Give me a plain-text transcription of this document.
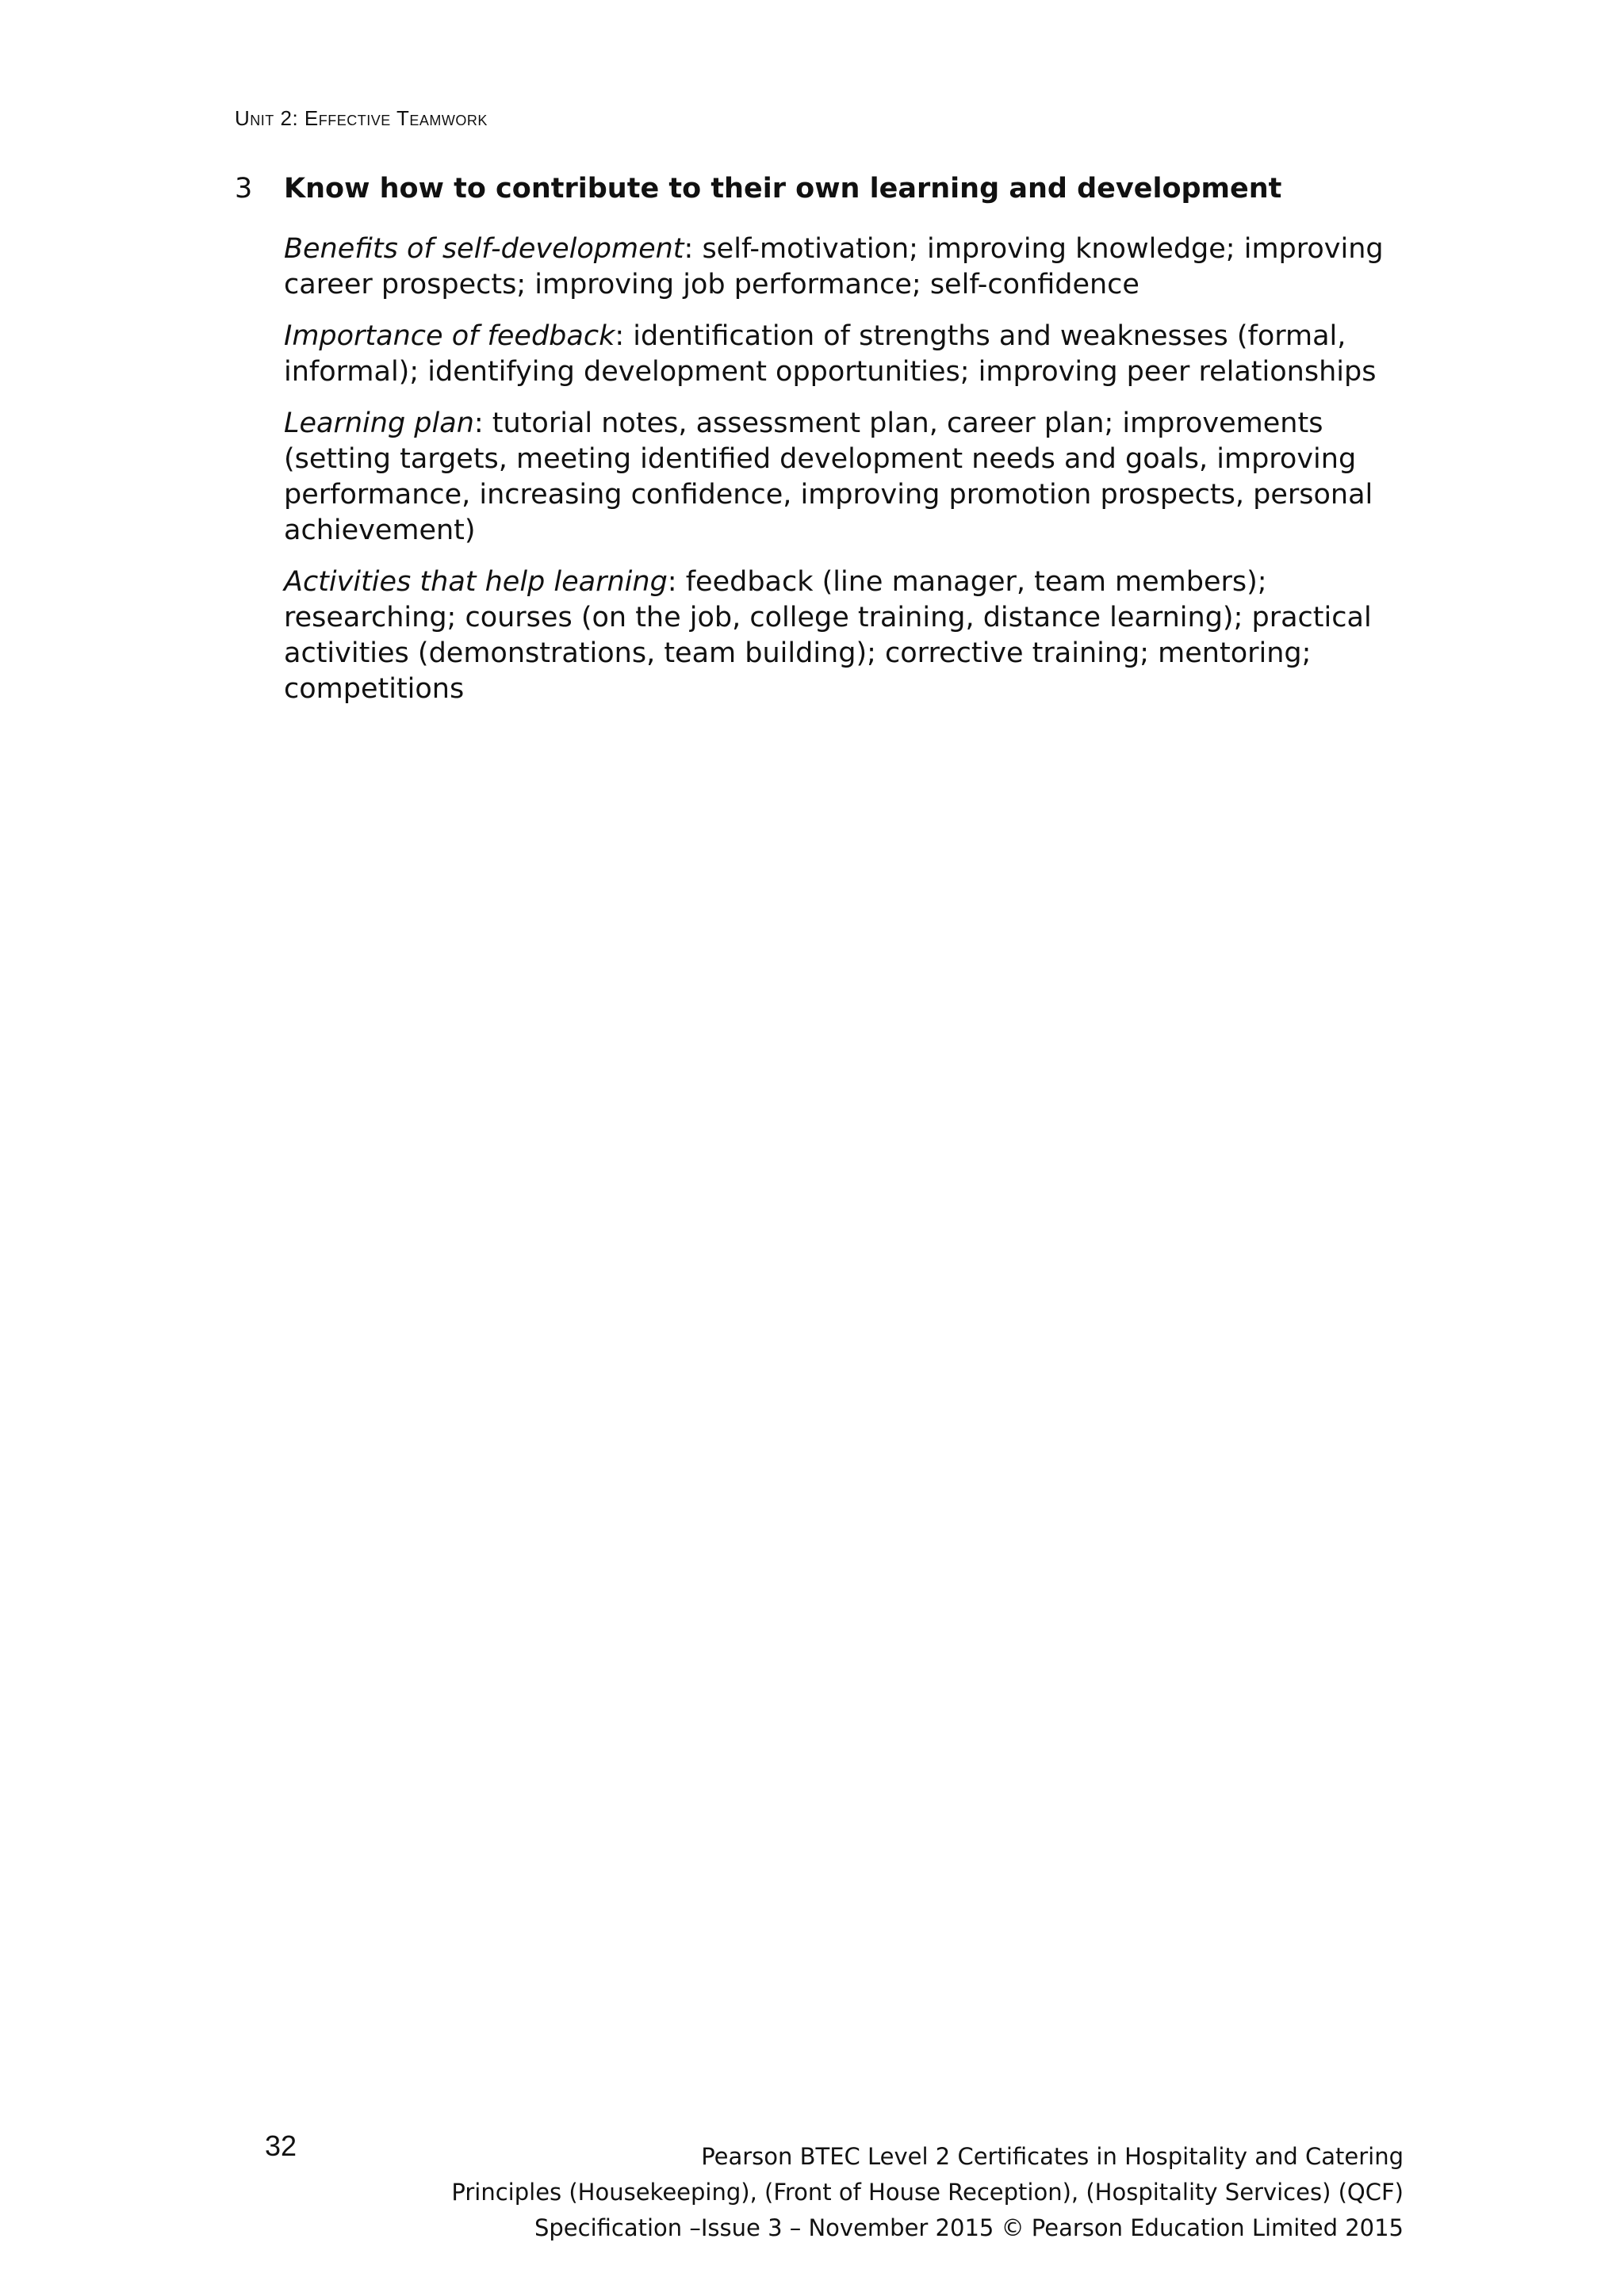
Unit 2: Effective Teamwork
3	Know how to contribute to their own learning and development

Benefits of self-development: self-motivation; improving knowledge; improving career prospects; improving job performance; self-confidence

Importance of feedback: identification of strengths and weaknesses (formal, informal); identifying development opportunities; improving peer relationships

Learning plan: tutorial notes, assessment plan, career plan; improvements (setting targets, meeting identified development needs and goals, improving performance, increasing confidence, improving promotion prospects, personal achievement)

Activities that help learning: feedback (line manager, team members); researching; courses (on the job, college training, distance learning); practical activities (demonstrations, team building); corrective training; mentoring; competitions

32	Pearson BTEC Level 2 Certificates in Hospitality and Catering
Principles (Housekeeping), (Front of House Reception), (Hospitality Services) (QCF)
Specification –Issue 3 – November 2015 © Pearson Education Limited 2015
